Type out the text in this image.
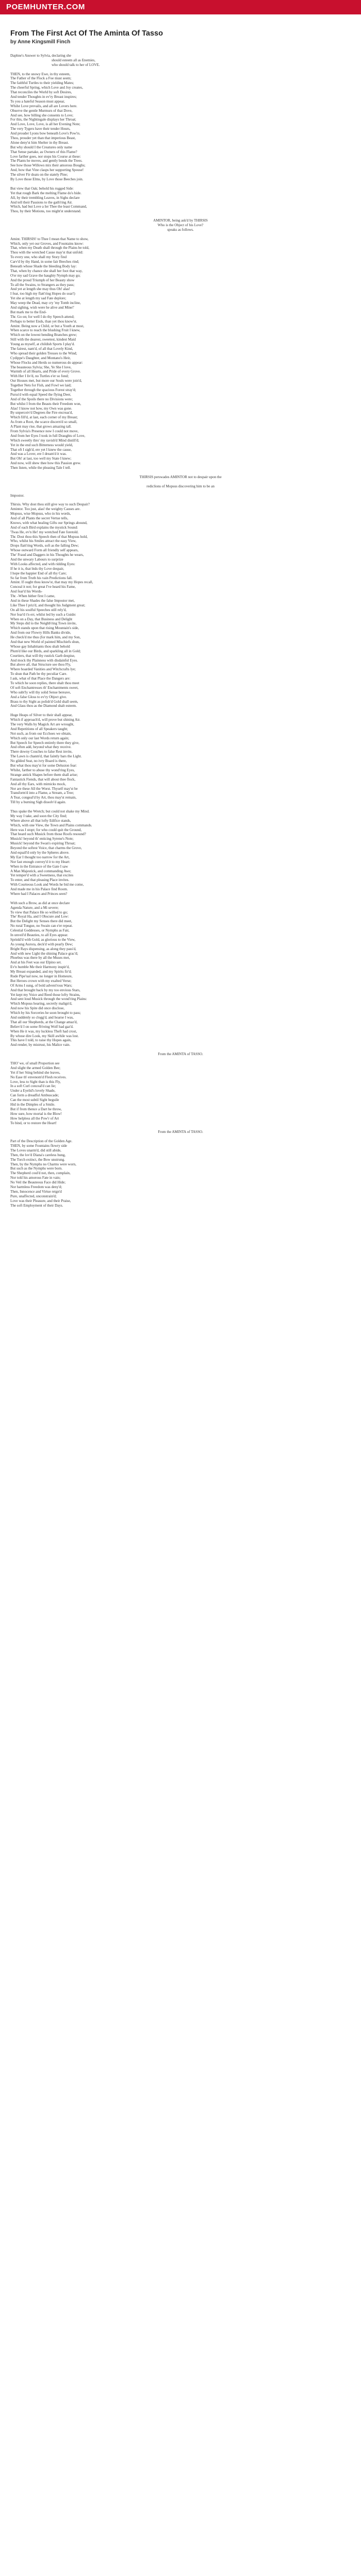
POEMHUNTER.COM
From The First Act Of The Aminta Of Tasso
by Anne Kingsmill Finch
Daphne's Answer to Sylvia, declaring she
should esteem all as Enemies,
who should talk to her of LOVE.
THEN, to the snowy Ewe, in thy esteem,
The Father of the Flock a Foe must seem;
The faithful Turtles to their yielding Mates;
The cheerful Spring, which Love and Joy creates,
That reconciles the World by soft Desires,
And tender Thoughts in ev'ry Breast inspires;
To you a hateful Season must appear,
Whilst Love prevails, and all are Lovers here.
Observe the gentle Murmurs of that Dove,
And see, how billing she consents to Love;
For this, the Nightingale displays her Throat;
And Love, Love, Love, is all her Evening Note;
The very Tygers have their tender Hours,
And prouder Lyons bow beneath Love's Pow'rs.
Thou, prouder yet than that imperious Beast,
Alone deny'st him Shelter in thy Breast.
But why should I the Creatures only name
That Sense partake, as Owners of this Flame?
Love farther goes, nor stops his Course at these:
The Plants he moves, and gently bends the Trees.
See how those Willows mix their amorous Boughs;
And, how that Vine clasps her supporting Spouse!
The silver Fir doats on the stately Pine;
By Love those Elms, by Love those Beeches join.
But view that Oak; behold his rugged Side:
Yet that rough Bark the melting Flame do's hide.
All, by their trembling Leaves, in Sighs declare
And tell their Passions to the gath'ring Air.
Which, had but Love a Ier Thee the least Command,
Thou, by their Motions, too might'st understand.
AMINTOR, being ask'd by THIRSIS
Who is the Object of his Love?
speaks as follows.
Amint. THIRSIS! to Thee I mean that Name to show,
Which, only yet our Groves, and Fountains know:
That, when my Death shall through the Plains be told,
Thou with the wretched Cause may'st that unfold:
To every one, who shall my Story find
Carv'd by thy Hand, in some fair Beeches rind;
Beneath whose Shade the bleeding Body lay:
That, when by chance she shall her foot that way,
O'er my sad Grave the haughty Nymph may go;
And the proud Triumph of her Beauty show
To all the Swains, to Strangers as they pass;
And yet at length she may thus Oh! alas!
I fear, too high my flatt'ring Hopes do soar!)
Yet she at length my sad Fate deplore;
May weep the Dead, may cry 'my Tomb incline,
And sighing, wish were he alive and Mine!'
But mark me to the End-
Thr. Go on; for well I do thy Speech attend;
Perhaps to better Ends, than yet thou know'st.
Amint. Being now a Child, or but a Youth at most,
When scarce to reach the blushing Fruit I knew,
Which on the lowest bending Branches grew;
Still with the dearest, sweetest, kindest Maid
Young as myself, at childish Sports I play'd.
The fairest, nam'd, of all that Lovely Kind,
Who spread their golden Tresses to the Wind;
Cydippe's Daughter, and Montano's Heir,
Whose Flocks and Herds so numerous do appear:
The beauteous Sylvia; She, Ye She I love,
Warmth of all Hearts, and Pride of every Grove.
With Her I liv'd, no Turtles e'er so fond;
Our Houses met, but more our Souls were join'd,
Together Nets for Fish, and Fowl we laid;
Together through the spacious Forest stray'd;
Pursu'd with equal Speed the flying Deer,
And of the Spoils there no Divisions were;
But whilst I from the Beasts their Freedom won,
Alas! I know not how, my Own was gone.
By unperceiv'd Degrees the Fire encreas'd,
Which fill'd, at last, each corner of my Breast;
As from a Root, the scarce discern'd so small,
A Plant may rise, that grows amazing tall.
From Sylvia's Presence now I could not move,
And from her Eyes I took in full Draughts of Love,
Which sweetly thro' my ravish'd Mind distill'd;
Yet in the end such Bitterness would yield,
That oft I sigh'd, ere yet I knew the cause,
And was a Lover, ere I dream'd it was.
But Oh! at last, too well my State I knew;
And now, will shew thee how this Passion grew.
Then listen, while the pleasing Tale I tell.
THIRSIS perswades AMINTOR not to despair upon the
rediclions of Mopsus discovering him to be an
Impostor.
Thirsis. Why dost thou still give way to such Despair?
Amintor. Too just, alas! the weighty Causes are.
Mopsus, wise Mopsus, who in his words,
And of all Plants the secret Vertue tells,
Knows, with what healing Gifts our Springs abound,
And of each Bird explains the mystick Sound:
'Twas He, ev'n He! my wretched Fate foretold.
Thr. Dost thou this Speech then of that Mopsus hold,
Who, whilst his Smiles attract the easy View,
Drops flatt'ring Words, soft as the falling Dew;
Whose outward Form all friendly self appears,
The' Fraud and Daggers in his Thoughts he wears,
And the unwary Labours to surprize
With Looks affected, and with ridding Eyes:
If he it is, that bids thy Love despair,
I hope the happier End of all thy Care;
So far from Truth his vain Predictions fall.
Amint. If ought thou know'st, that may my Hopes recall,
Conceal it not; for great I've heard his Fame,
And fear'd his Words-
Thr. -When hither first I came,
And in these Shades the false Impostor met,
Like Thee I priz'd, and thought his Judgment great;
On all his soulful Speeches still rely'd,
Nor fear'd t'n err, whilst led by such a Guide:
When on a Day, that Business and Delight
My Steps did to the Neighb'ring Town invite,
Which stands upon that rising Mountain's side,
And from our Flowry Hills Banks divide,
He check'd me thus (for mark him, and my Son,
And that new World of painted Mischiefs shun,
Whose gay Inhabitants thou shalt behold
Plum'd like our Birds, and sparkling all in Gold;
Courtiers, that will thy rustick Garb despise,
And mock thy Plainness with disdainful Eyes.
But above all, that Structure see thou Fly,
Where hoarded Vanities and Witchcrafts lye;
To shun that Path be thy peculiar Care.
I ask, what of that Place the Dangers are:
To which he soon replies, there shalt thou meet
Of soft Enchantresses th' Enchantments sweet,
Who subt'ly will thy solid Sense bereave,
And a false Gloss to ev'ry Object give.
Brass to thy Sight as polish'd Gold shall seem,
And Glass thou as the Diamond shalt esteem.
Huge Heaps of Silver to their shall appear,
Which if approach'd, will prove but shining Air.
The very Walls by Magick Art are wrought,
And Repetitions of all Speakers taught;
Not such, as from our Ecchoes we obtain,
Which only our last Words return again;
But Speech for Speech entirely there they give,
And often add, beyond what they receive.
There downy Couches to false Rest invite,
The Lawn is chanm'd, that faintly bars the Light.
No gilded Seat, no ivry Board is there,
But what thou may'st for some Delusion fear:
Whilst, farther to abuse thy wond'ring Eyes,
Strange antick Shapes before them shall arise;
Fantastick Fiends, that will about thee flock,
And all thy Ears, with mimicks mock,
Nor are these All the Worst. Thyself may'st be
Transform'd into a Flame, a Stream, a Tree;
A Tear, congeal'd by Art, thou may'st remain,
Till by a burning Sigh dissolv'd again.
Thus spake the Wretch; but could not shake my Mind.
My way I take, and soon the City find;
Where above all that lofty Edifice stands,
Which, with one View, the Town and Plains commands.
Here was I stopt; for who could quit the Ground,
That heard such Musick from those Roofs resound?
Musick! beyond th' enticing Syrene's Note;
Musick! beyond the Swan's expiring Throat;
Beyond the softest Voice, that charms the Grove,
And equall'd only by the Spheres above.
My Ear I thought too narrow for the Art,
Nor fast enough convey'd it to my Heart:
When in the Entrance of the Gate I saw
A Man Majestick, and commanding Awe;
Yet temper'd with a Sweetness, that excites
To enter, and that pleasing Place invites.
With Courteous Look and Words he bid me come,
And made me in his Palace find Room.
Where had I Palaces and Princes seen?
With such a Brow, as did at once declare
Agenda Nature, and a Mi severe;
To view that Palace He so willed to go;
The' Royal Ha, and I Obscure and Low:
But the Delight my Senses there did meet,
No rural Tongue, no Swain can e'er repeat.
Celestial Goddesses, or Nymphs as Fair,
In unveil'd Beauties, to all Eyes appear.
Sprinkl'd with Gold, as glorious to the View,
As young Aurora, deck'd with pearly Dew;
Bright Rays dispensing, as along they pass'd,
And with new Light the shining Palace grac'd;
Phoebus was there by all the Muses met,
And at his Feet was our Elpino set.
Ev'n humble Me their Harmony inspir'd,
My Breast expanded, and my Spirits fir'd;
Rude Pipe'ual now, no longer in Homeure,
But Heroes crown with my exalted Verse;
Of Arms I sung, of bold advent'rous Wars;
And that brought back by my too envious Stars,
Yet kept my Voice and Reed those lofty Strains,
And sent loud Musick through the wond'ring Plains:
Which Mopsus hearing, secretly malign'd,
And now his Spite did once disclose,
Which by his Sorceries he soon brought to pass;
And suddenly so clogg'd, and hoarse I was,
That all our Shepherds, at the Change amaz'd,
Believ'd I on some fb'reing Wolf had gaz'd.
When He it was, my luckless Theft had crost,
By whose dire Look, my Skill awhile was lost.
This have I told, to raise thy Hopes again,
And render, by mistrust, his Malice vain.
From the AMINTA of TASSO.
THO' we, of small Proportion see
And slight the armed Golden Bee;
Yet if her Sting behind she leaves,
No Ease th' envenom'd Flesh receives.
Love, less to Sight than is this Fly,
In a soft Curl conceal'd can lie;
Under a Eyelid's lovely Shade,
Can form a dreadful Ambuscade;
Can the most subtil Sight beguile
Hid in the Dimples of a Smile.
But if from thence a Dart he throw,
How sure, how mortal is the Blow!
How helpless all the Pow'r of Art
To bind, or to restore the Heart!
From the AMINTA of TASSO.
Part of the Description of the Golden Age.
THEN, by some Fountains flowry side
The Loves unarm'd, did still abide,
Then, the lov'd Diana's careless hung,
The Torch extinct, the Bow unstrung.
Then, by the Nymphs no Charms were worn,
But such as the Nymphs were born.
The Shepherd coul'd not, then, complain,
Nor told his amorous Fate in vain;
No Veil the Beauteous Face did Hide;
Nor harmless Freedom was deny'd;
Then, Innocence and Virtue reign'd
Pure, unaffected, unconstrain'd;
Love was their Pleasure, and their Praise,
The soft Employment of their Days.
